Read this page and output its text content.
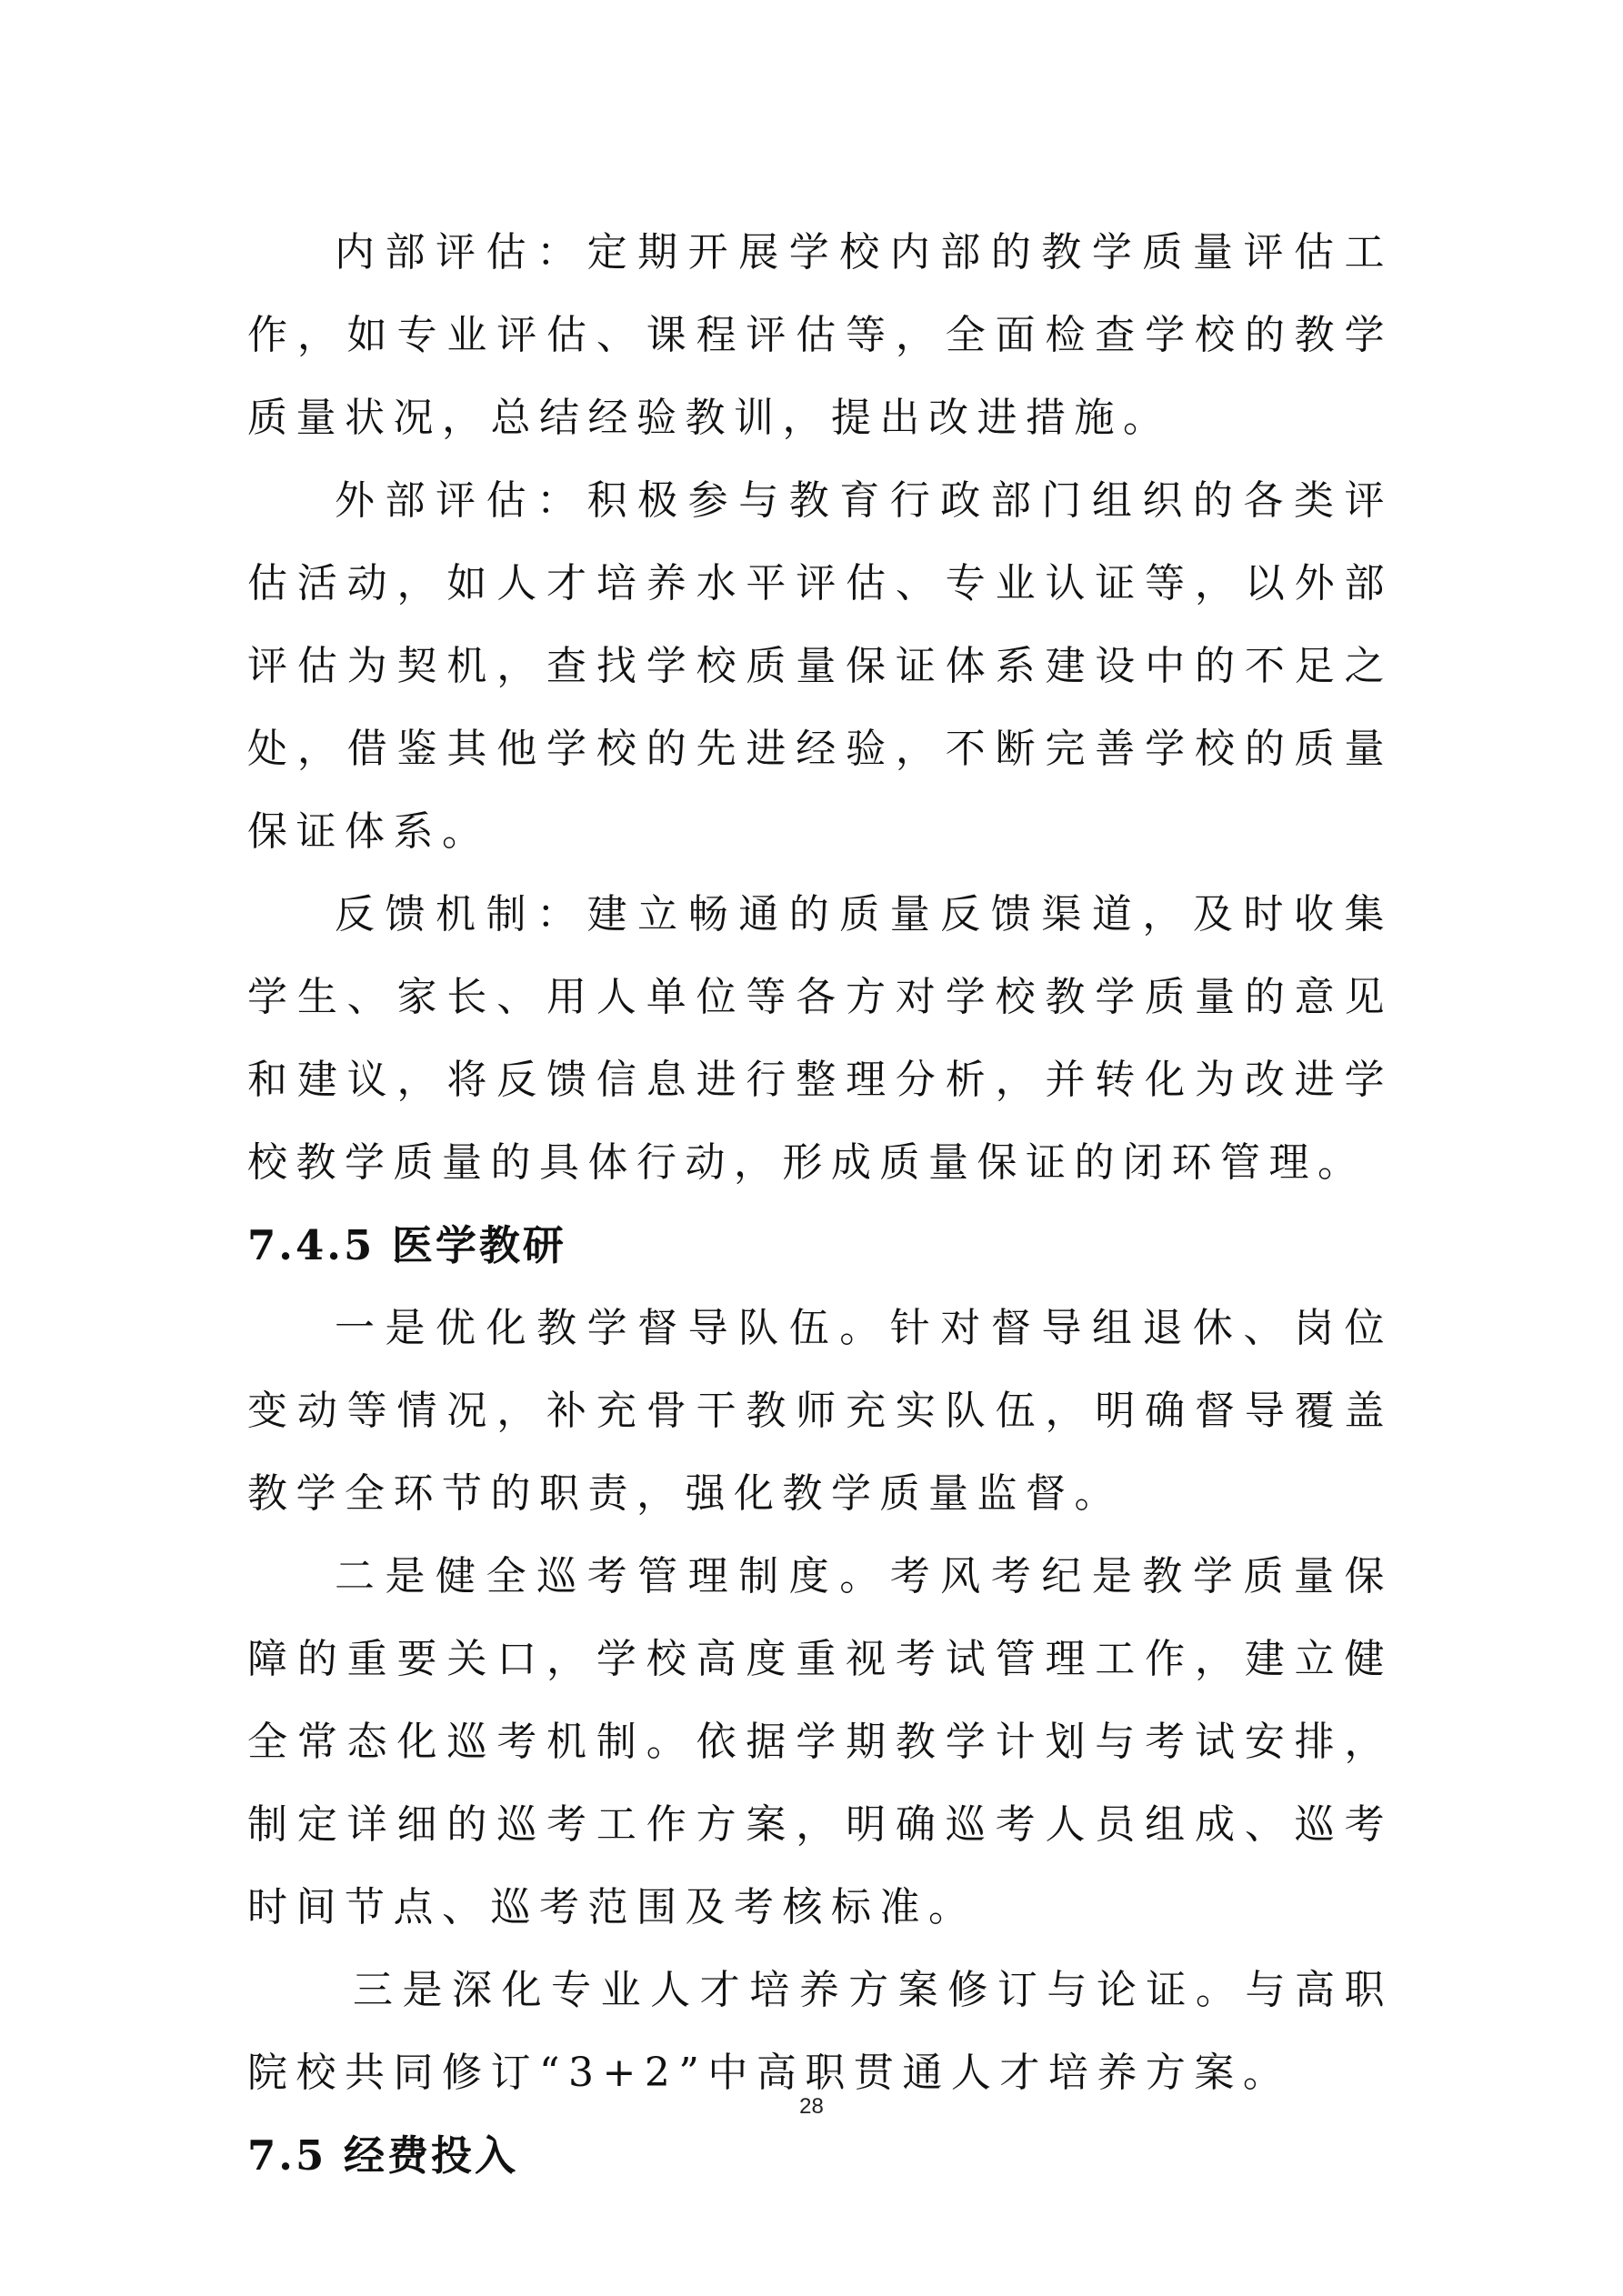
内部评估：定期开展学校内部的教学质量评估工作，如专业评估、课程评估等，全面检查学校的教学质量状况，总结经验教训，提出改进措施。

外部评估：积极参与教育行政部门组织的各类评估活动，如人才培养水平评估、专业认证等，以外部评估为契机，查找学校质量保证体系建设中的不足之处，借鉴其他学校的先进经验，不断完善学校的质量保证体系。

反馈机制：建立畅通的质量反馈渠道，及时收集学生、家长、用人单位等各方对学校教学质量的意见和建议，将反馈信息进行整理分析，并转化为改进学校教学质量的具体行动，形成质量保证的闭环管理。

7.4.5 医学教研

一是优化教学督导队伍。针对督导组退休、岗位变动等情况，补充骨干教师充实队伍，明确督导覆盖教学全环节的职责，强化教学质量监督。

二是健全巡考管理制度。考风考纪是教学质量保障的重要关口，学校高度重视考试管理工作，建立健全常态化巡考机制。依据学期教学计划与考试安排，制定详细的巡考工作方案，明确巡考人员组成、巡考时间节点、巡考范围及考核标准。

三是深化专业人才培养方案修订与论证。与高职院校共同修订“3+2”中高职贯通人才培养方案。

7.5 经费投入
28
